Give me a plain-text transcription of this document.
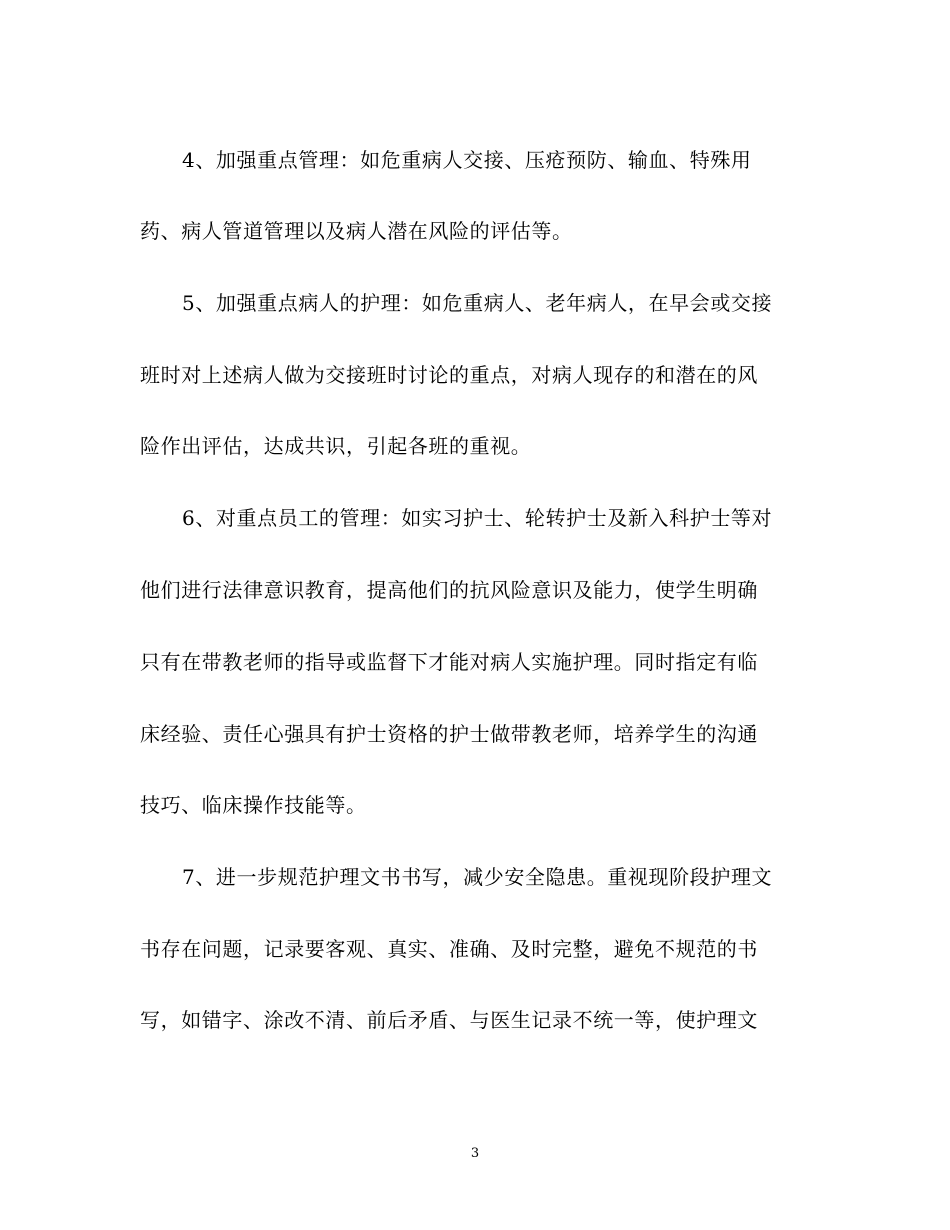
4、加强重点管理：如危重病人交接、压疮预防、输血、特殊用
药、病人管道管理以及病人潜在风险的评估等。
5、加强重点病人的护理：如危重病人、老年病人，在早会或交接
班时对上述病人做为交接班时讨论的重点，对病人现存的和潜在的风
险作出评估，达成共识，引起各班的重视。
6、对重点员工的管理：如实习护士、轮转护士及新入科护士等对
他们进行法律意识教育，提高他们的抗风险意识及能力，使学生明确
只有在带教老师的指导或监督下才能对病人实施护理。同时指定有临
床经验、责任心强具有护士资格的护士做带教老师，培养学生的沟通
技巧、临床操作技能等。
7、进一步规范护理文书书写，减少安全隐患。重视现阶段护理文
书存在问题，记录要客观、真实、准确、及时完整，避免不规范的书
写，如错字、涂改不清、前后矛盾、与医生记录不统一等，使护理文
3
